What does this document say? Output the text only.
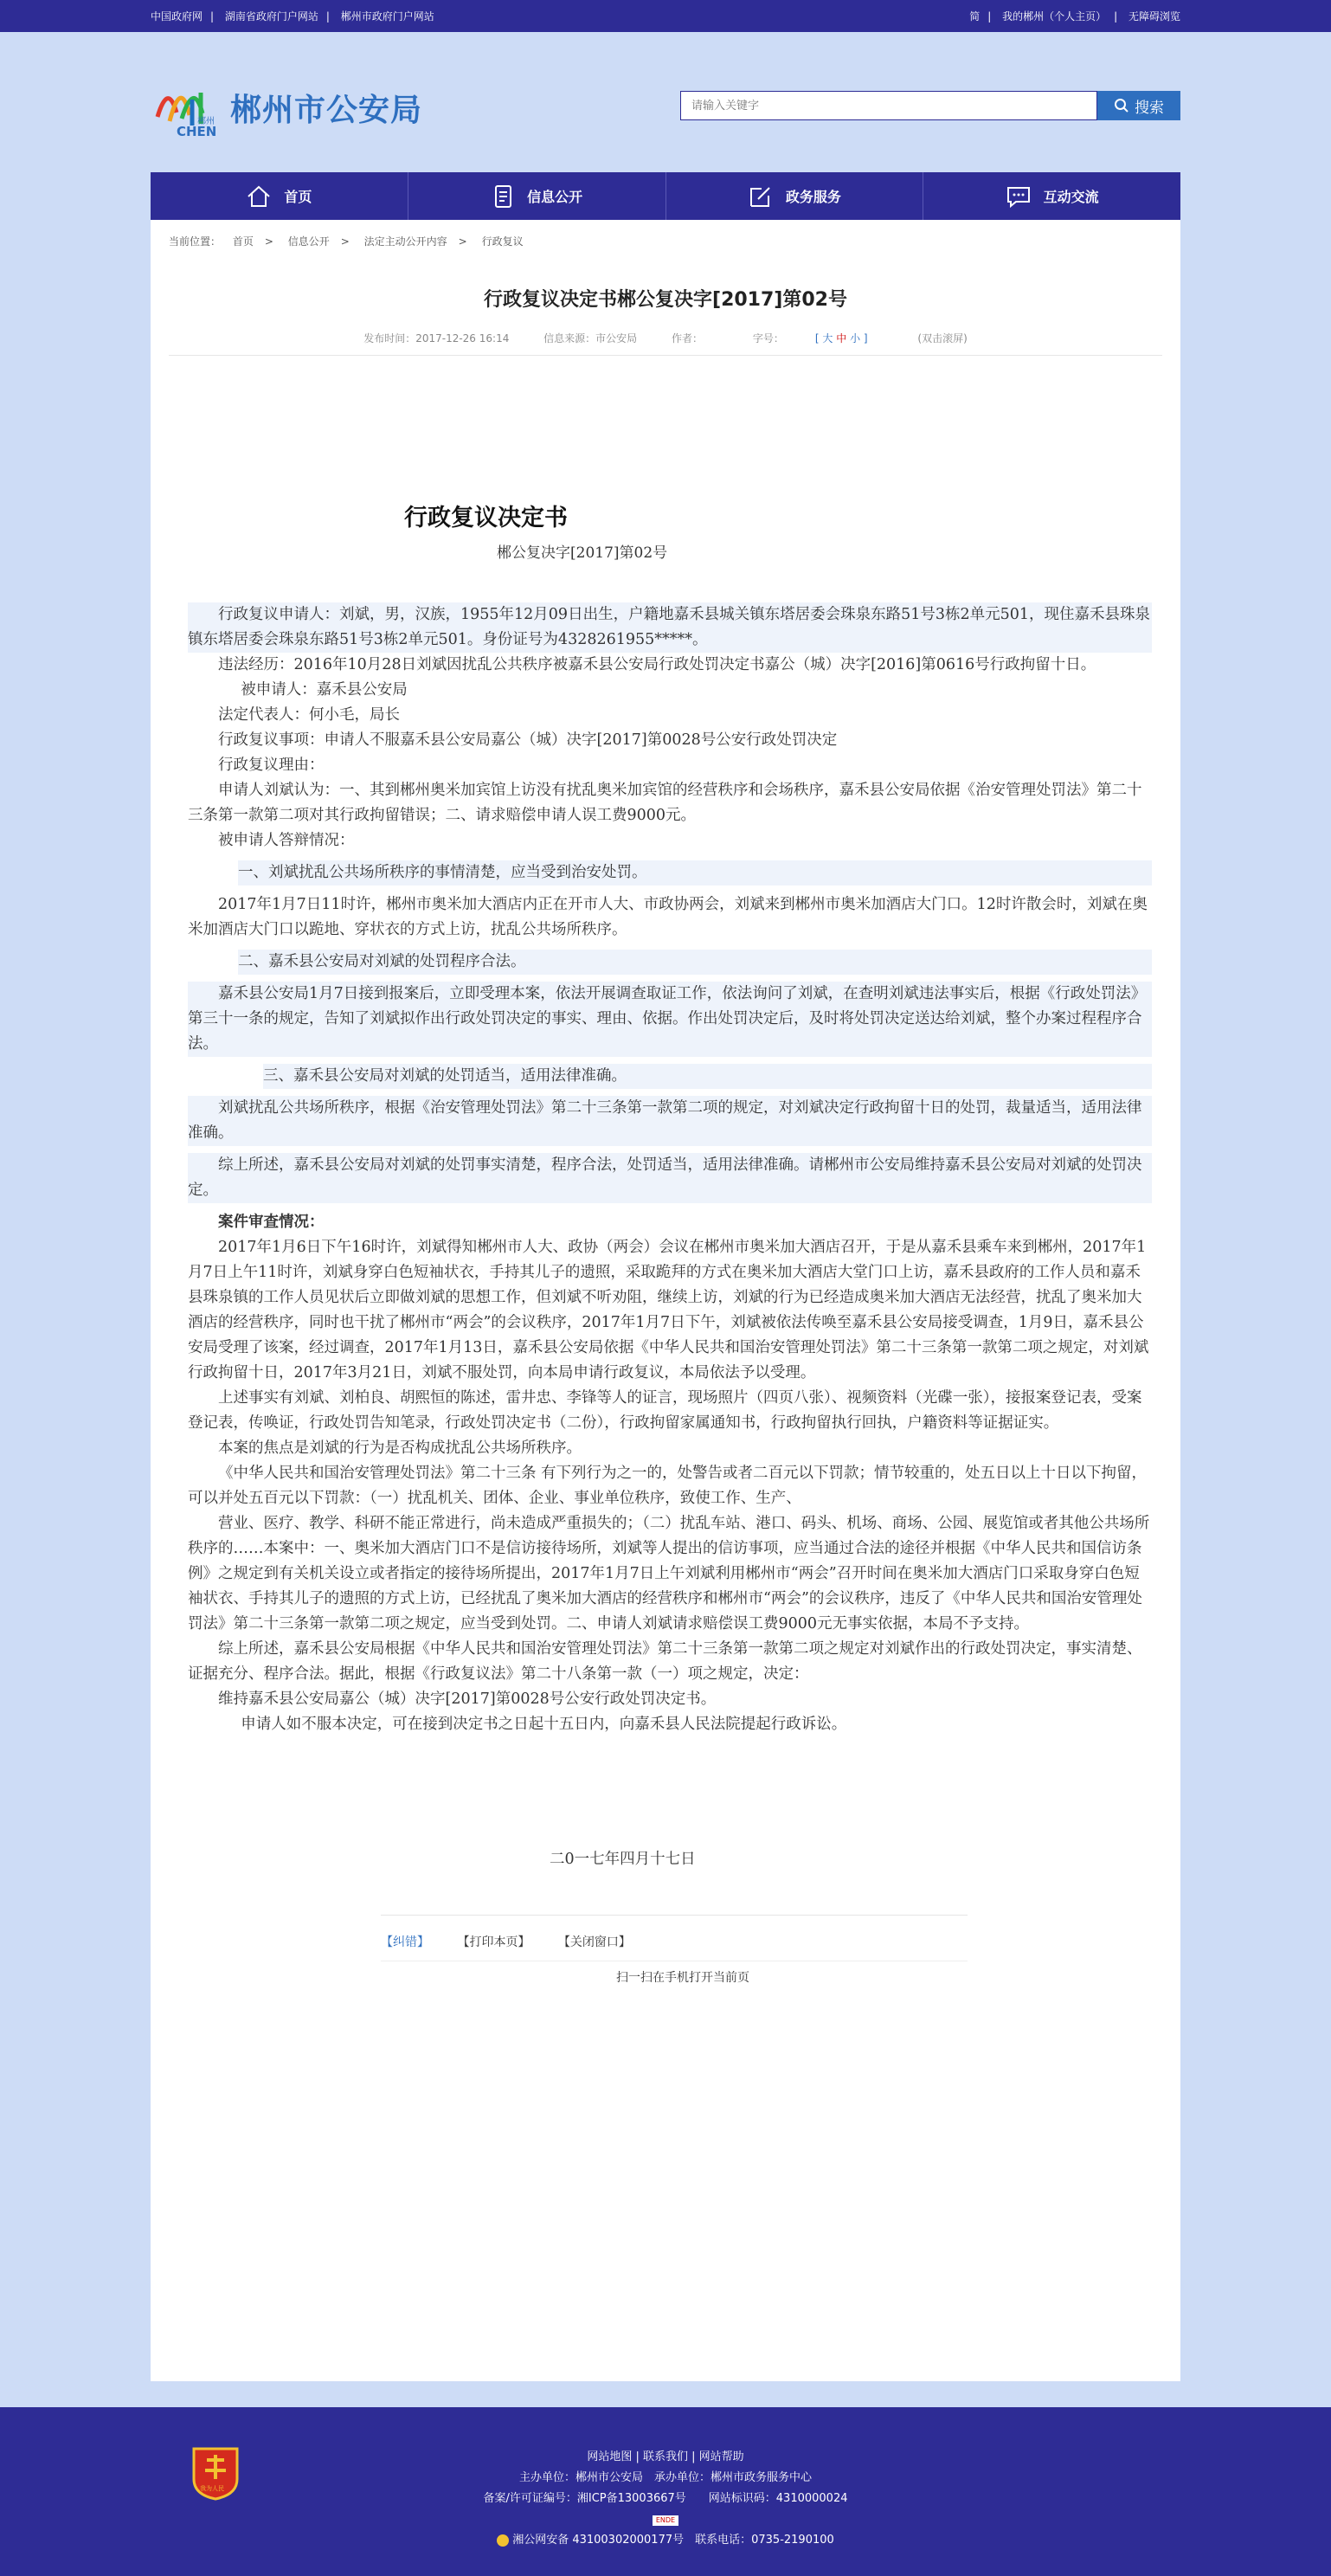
中国政府网 | 湖南省政府门户网站 | 郴州市政府门户网站	简 | 我的郴州（个人主页） | 无障碍浏览
郴州
CHEN
郴州市公安局
请输入关键字	搜索
首页	信息公开	政务服务	互动交流
当前位置： 首页 > 信息公开 > 法定主动公开内容 > 行政复议
行政复议决定书郴公复决字[2017]第02号
发布时间：2017-12-26 16:14	信息来源：市公安局	作者：	字号：	[ 大 中 小 ]	(双击滚屏)
行政复议决定书
郴公复决字[2017]第02号

行政复议申请人：刘斌，男，汉族，1955年12月09日出生，户籍地嘉禾县城关镇东塔居委会珠泉东路51号3栋2单元501，现住嘉禾县珠泉镇东塔居委会珠泉东路51号3栋2单元501。身份证号为4328261955*****。

违法经历：2016年10月28日刘斌因扰乱公共秩序被嘉禾县公安局行政处罚决定书嘉公（城）决字[2016]第0616号行政拘留十日。

被申请人：嘉禾县公安局

法定代表人：何小毛，局长

行政复议事项：申请人不服嘉禾县公安局嘉公（城）决字[2017]第0028号公安行政处罚决定

行政复议理由：

申请人刘斌认为：一、其到郴州奥米加宾馆上访没有扰乱奥米加宾馆的经营秩序和会场秩序，嘉禾县公安局依据《治安管理处罚法》第二十三条第一款第二项对其行政拘留错误；二、请求赔偿申请人误工费9000元。

被申请人答辩情况：

一、刘斌扰乱公共场所秩序的事情清楚，应当受到治安处罚。

2017年1月7日11时许，郴州市奥米加大酒店内正在开市人大、市政协两会，刘斌来到郴州市奥米加酒店大门口。12时许散会时，刘斌在奥米加酒店大门口以跪地、穿状衣的方式上访，扰乱公共场所秩序。

二、嘉禾县公安局对刘斌的处罚程序合法。

嘉禾县公安局1月7日接到报案后，立即受理本案，依法开展调查取证工作，依法询问了刘斌，在查明刘斌违法事实后，根据《行政处罚法》第三十一条的规定，告知了刘斌拟作出行政处罚决定的事实、理由、依据。作出处罚决定后，及时将处罚决定送达给刘斌，整个办案过程程序合法。

三、嘉禾县公安局对刘斌的处罚适当，适用法律准确。

刘斌扰乱公共场所秩序，根据《治安管理处罚法》第二十三条第一款第二项的规定，对刘斌决定行政拘留十日的处罚，裁量适当，适用法律准确。

综上所述，嘉禾县公安局对刘斌的处罚事实清楚，程序合法，处罚适当，适用法律准确。请郴州市公安局维持嘉禾县公安局对刘斌的处罚决定。

案件审查情况：

2017年1月6日下午16时许，刘斌得知郴州市人大、政协（两会）会议在郴州市奥米加大酒店召开，于是从嘉禾县乘车来到郴州，2017年1月7日上午11时许，刘斌身穿白色短袖状衣，手持其儿子的遗照，采取跪拜的方式在奥米加大酒店大堂门口上访，嘉禾县政府的工作人员和嘉禾县珠泉镇的工作人员见状后立即做刘斌的思想工作，但刘斌不听劝阻，继续上访，刘斌的行为已经造成奥米加大酒店无法经营，扰乱了奥米加大酒店的经营秩序，同时也干扰了郴州市“两会”的会议秩序，2017年1月7日下午，刘斌被依法传唤至嘉禾县公安局接受调查，1月9日，嘉禾县公安局受理了该案，经过调查，2017年1月13日，嘉禾县公安局依据《中华人民共和国治安管理处罚法》第二十三条第一款第二项之规定，对刘斌行政拘留十日，2017年3月21日，刘斌不服处罚，向本局申请行政复议，本局依法予以受理。

上述事实有刘斌、刘柏良、胡熙恒的陈述，雷井忠、李锋等人的证言，现场照片（四页八张）、视频资料（光碟一张），接报案登记表，受案登记表，传唤证，行政处罚告知笔录，行政处罚决定书（二份），行政拘留家属通知书，行政拘留执行回执，户籍资料等证据证实。

本案的焦点是刘斌的行为是否构成扰乱公共场所秩序。

《中华人民共和国治安管理处罚法》第二十三条 有下列行为之一的，处警告或者二百元以下罚款；情节较重的，处五日以上十日以下拘留，可以并处五百元以下罚款：（一）扰乱机关、团体、企业、事业单位秩序，致使工作、生产、

营业、医疗、教学、科研不能正常进行，尚未造成严重损失的；（二）扰乱车站、港口、码头、机场、商场、公园、展览馆或者其他公共场所秩序的……本案中：一、奥米加大酒店门口不是信访接待场所，刘斌等人提出的信访事项，应当通过合法的途径并根据《中华人民共和国信访条例》之规定到有关机关设立或者指定的接待场所提出，2017年1月7日上午刘斌利用郴州市“两会”召开时间在奥米加大酒店门口采取身穿白色短袖状衣、手持其儿子的遗照的方式上访，已经扰乱了奥米加大酒店的经营秩序和郴州市“两会”的会议秩序，违反了《中华人民共和国治安管理处罚法》第二十三条第一款第二项之规定，应当受到处罚。二、申请人刘斌请求赔偿误工费9000元无事实依据，本局不予支持。

综上所述，嘉禾县公安局根据《中华人民共和国治安管理处罚法》第二十三条第一款第二项之规定对刘斌作出的行政处罚决定，事实清楚、证据充分、程序合法。据此，根据《行政复议法》第二十八条第一款（一）项之规定，决定：

维持嘉禾县公安局嘉公（城）决字[2017]第0028号公安行政处罚决定书。

申请人如不服本决定，可在接到决定书之日起十五日内，向嘉禾县人民法院提起行政诉讼。

二0一七年四月十七日

【纠错】 【打印本页】 【关闭窗口】
扫一扫在手机打开当前页
我为人民
网站地图 | 联系我们 | 网站帮助
主办单位：郴州市公安局　承办单位：郴州市政务服务中心
备案/许可证编号：湘ICP备13003667号　　网站标识码：4310000024
ENDE
湘公网安备 43100302000177号　联系电话：0735-2190100
